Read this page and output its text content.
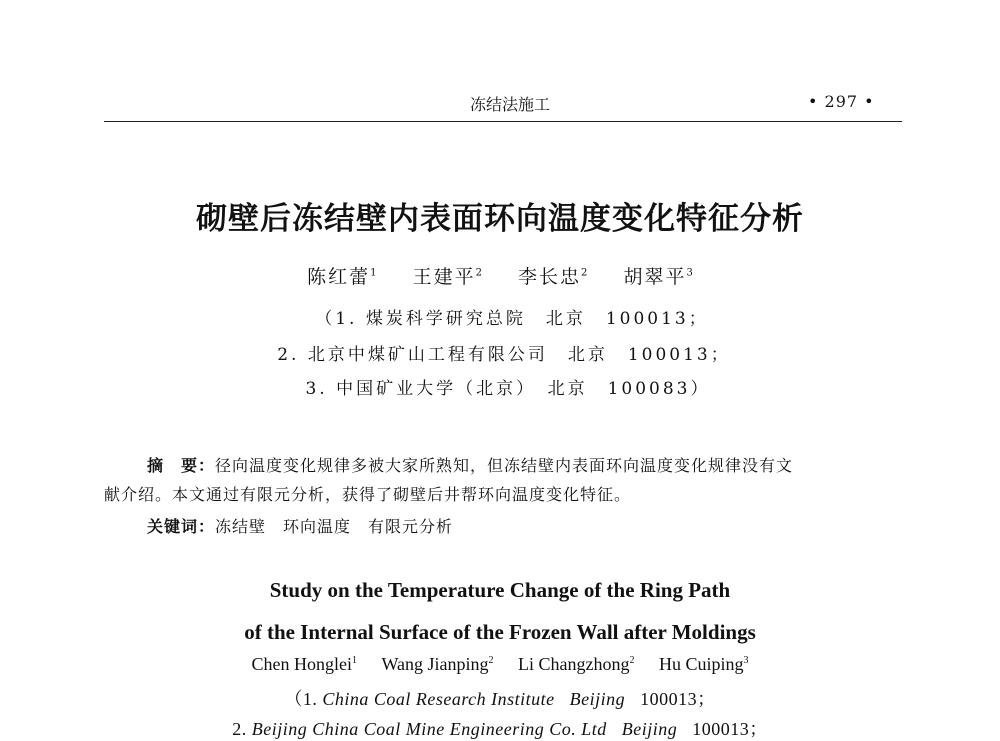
冻结法施工	• 297 •
砌壁后冻结壁内表面环向温度变化特征分析
陈红蕾$^1$ 王建平$^2$ 李长忠$^2$ 胡翠平$^3$
（1. 煤炭科学研究总院　北京　100013；
2. 北京中煤矿山工程有限公司　北京　100013；
3. 中国矿业大学（北京）　北京　100083）
摘　要：径向温度变化规律多被大家所熟知，但冻结壁内表面环向温度变化规律没有文
献介绍。本文通过有限元分析，获得了砌壁后井帮环向温度变化特征。
关键词：冻结壁　环向温度　有限元分析
Study on the Temperature Change of the Ring Path
of the Internal Surface of the Frozen Wall after Moldings
Chen Honglei$^1$ Wang Jianping$^2$ Li Changzhong$^2$ Hu Cuiping$^3$
（1. China Coal Research Institute Beijing 100013；
2. Beijing China Coal Mine Engineering Co. Ltd Beijing 100013；
